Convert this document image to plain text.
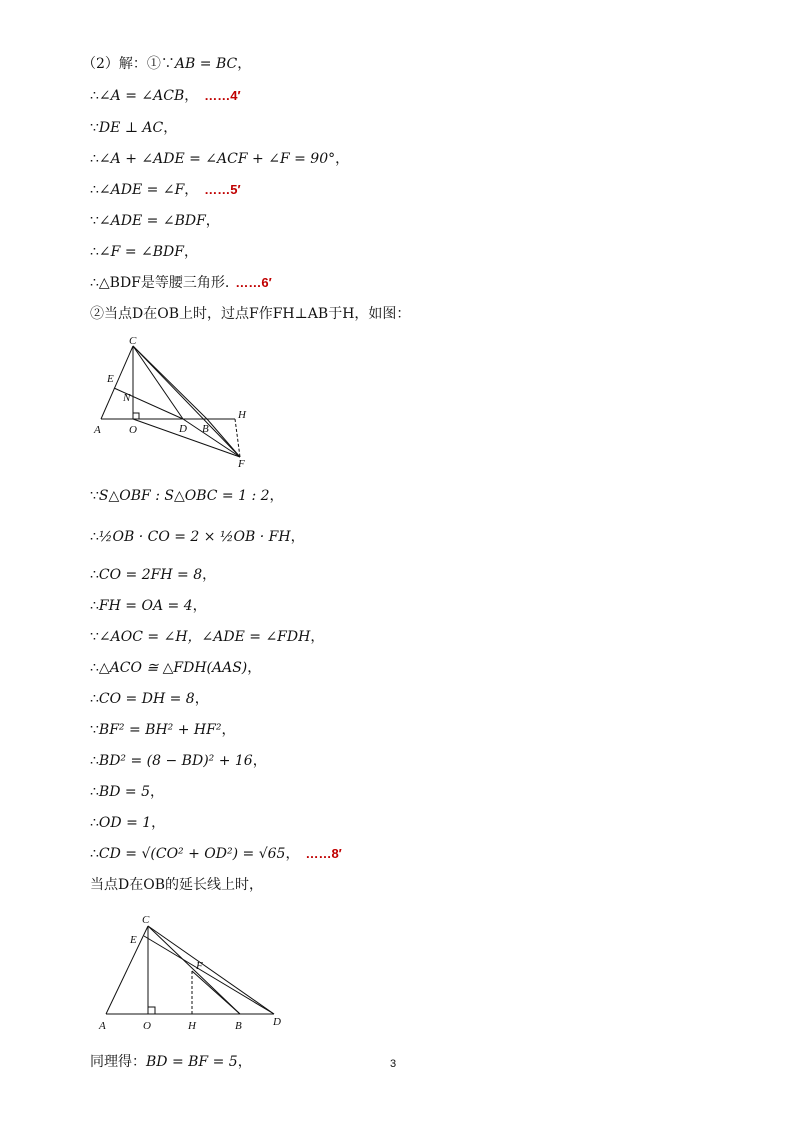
（2）解：①∵AB = BC，
∴∠A = ∠ACB， ……4′
∵DE ⊥ AC，
∴∠A + ∠ADE = ∠ACF + ∠F = 90°，
∴∠ADE = ∠F， ……5′
∵∠ADE = ∠BDF，
∴∠F = ∠BDF，
∴△BDF是等腰三角形. ……6′
②当点D在OB上时，过点F作FH⊥AB于H，如图：
∵S△OBF : S△OBC = 1 : 2，
∴½OB · CO = 2 × ½OB · FH，
∴CO = 2FH = 8，
∴FH = OA = 4，
∵∠AOC = ∠H，∠ADE = ∠FDH，
∴△ACO ≅ △FDH(AAS)，
∴CO = DH = 8，
∵BF² = BH² + HF²，
∴BD² = (8 − BD)² + 16，
∴BD = 5，
∴OD = 1，
∴CD = √(CO² + OD²) = √65， ……8′
当点D在OB的延长线上时，
同理得：BD = BF = 5，
C
E
N
A	O	D B
H
F
C
E
F
A	O	H	B	D
3
